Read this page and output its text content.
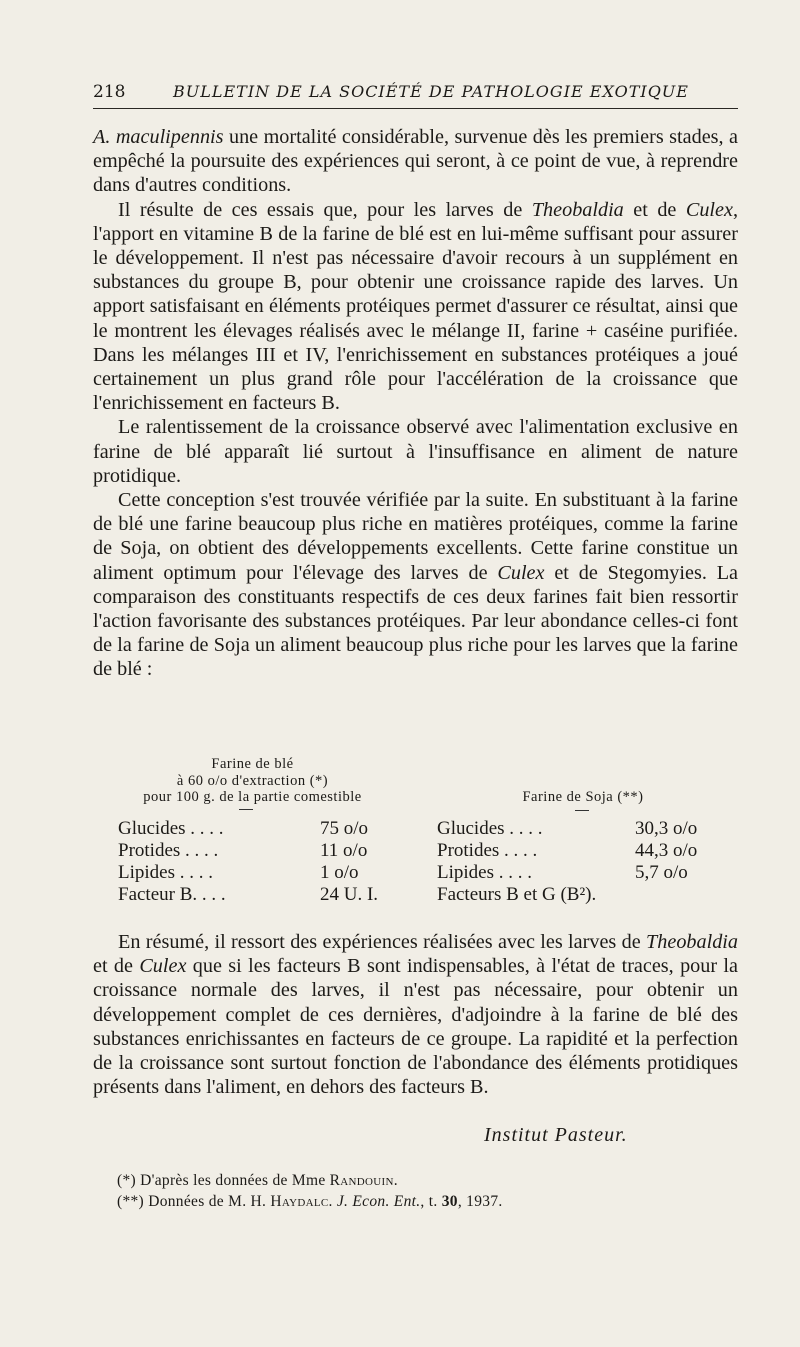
218	BULLETIN DE LA SOCIÉTÉ DE PATHOLOGIE EXOTIQUE

A. maculipennis une mortalité considérable, survenue dès les premiers stades, a empêché la poursuite des expériences qui seront, à ce point de vue, à reprendre dans d'autres conditions.

Il résulte de ces essais que, pour les larves de Theobaldia et de Culex, l'apport en vitamine B de la farine de blé est en lui-même suffisant pour assurer le développement. Il n'est pas nécessaire d'avoir recours à un supplément en substances du groupe B, pour obtenir une croissance rapide des larves. Un apport satisfaisant en éléments protéiques permet d'assurer ce résultat, ainsi que le montrent les élevages réalisés avec le mélange II, farine + caséine purifiée. Dans les mélanges III et IV, l'enrichissement en substances protéiques a joué certainement un plus grand rôle pour l'accélération de la croissance que l'enrichissement en facteurs B.

Le ralentissement de la croissance observé avec l'alimentation exclusive en farine de blé apparaît lié surtout à l'insuffisance en aliment de nature protidique.

Cette conception s'est trouvée vérifiée par la suite. En substituant à la farine de blé une farine beaucoup plus riche en matières protéiques, comme la farine de Soja, on obtient des développements excellents. Cette farine constitue un aliment optimum pour l'élevage des larves de Culex et de Stegomyies. La comparaison des constituants respectifs de ces deux farines fait bien ressortir l'action favorisante des substances protéiques. Par leur abondance celles-ci font de la farine de Soja un aliment beaucoup plus riche pour les larves que la farine de blé :

Farine de blé
à 60 o/o d'extraction (*)
pour 100 g. de la partie comestible	Farine de Soja (**)
Glucides . . . .	75 o/o	Glucides . . . .	30,3 o/o
Protides . . . .	11 o/o	Protides . . . .	44,3 o/o
Lipides . . . .	1 o/o	Lipides . . . .	5,7 o/o
Facteur B. . . .	24 U. I.	Facteurs B et G (B²).

En résumé, il ressort des expériences réalisées avec les larves de Theobaldia et de Culex que si les facteurs B sont indispensables, à l'état de traces, pour la croissance normale des larves, il n'est pas nécessaire, pour obtenir un développement complet de ces dernières, d'adjoindre à la farine de blé des substances enrichissantes en facteurs de ce groupe. La rapidité et la perfection de la croissance sont surtout fonction de l'abondance des éléments protidiques présents dans l'aliment, en dehors des facteurs B.

Institut Pasteur.
(*) D'après les données de Mme Randouin.
(**) Données de M. H. Haydalc. J. Econ. Ent., t. 30, 1937.
